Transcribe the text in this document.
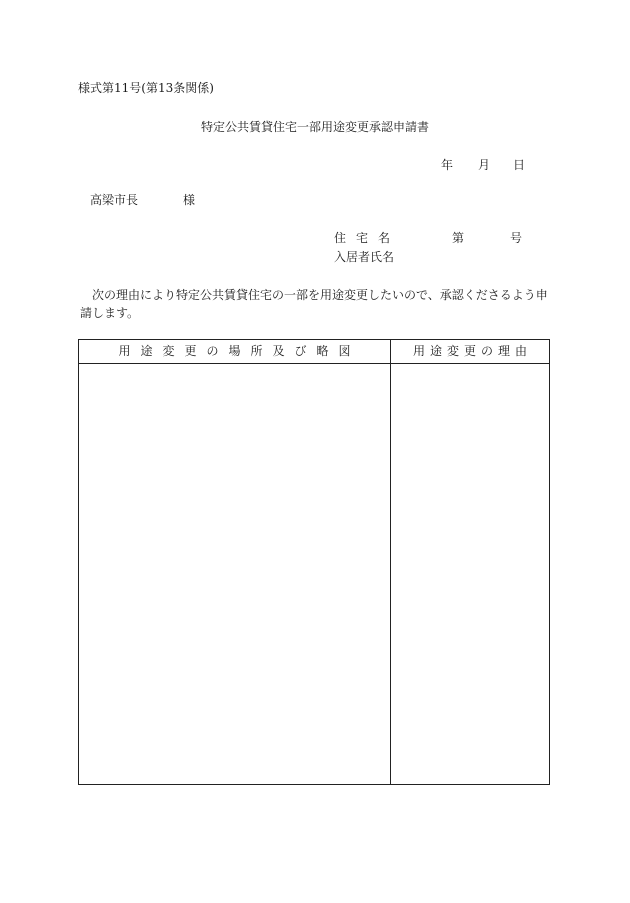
様式第11号(第13条関係)
特定公共賃貸住宅一部用途変更承認申請書
年 月 日
高梁市長	様
住宅名	第	号
入居者氏名
次の理由により特定公共賃貸住宅の一部を用途変更したいので、承認くださるよう申請します。
用途変更の場所及び略図	用途変更の理由
